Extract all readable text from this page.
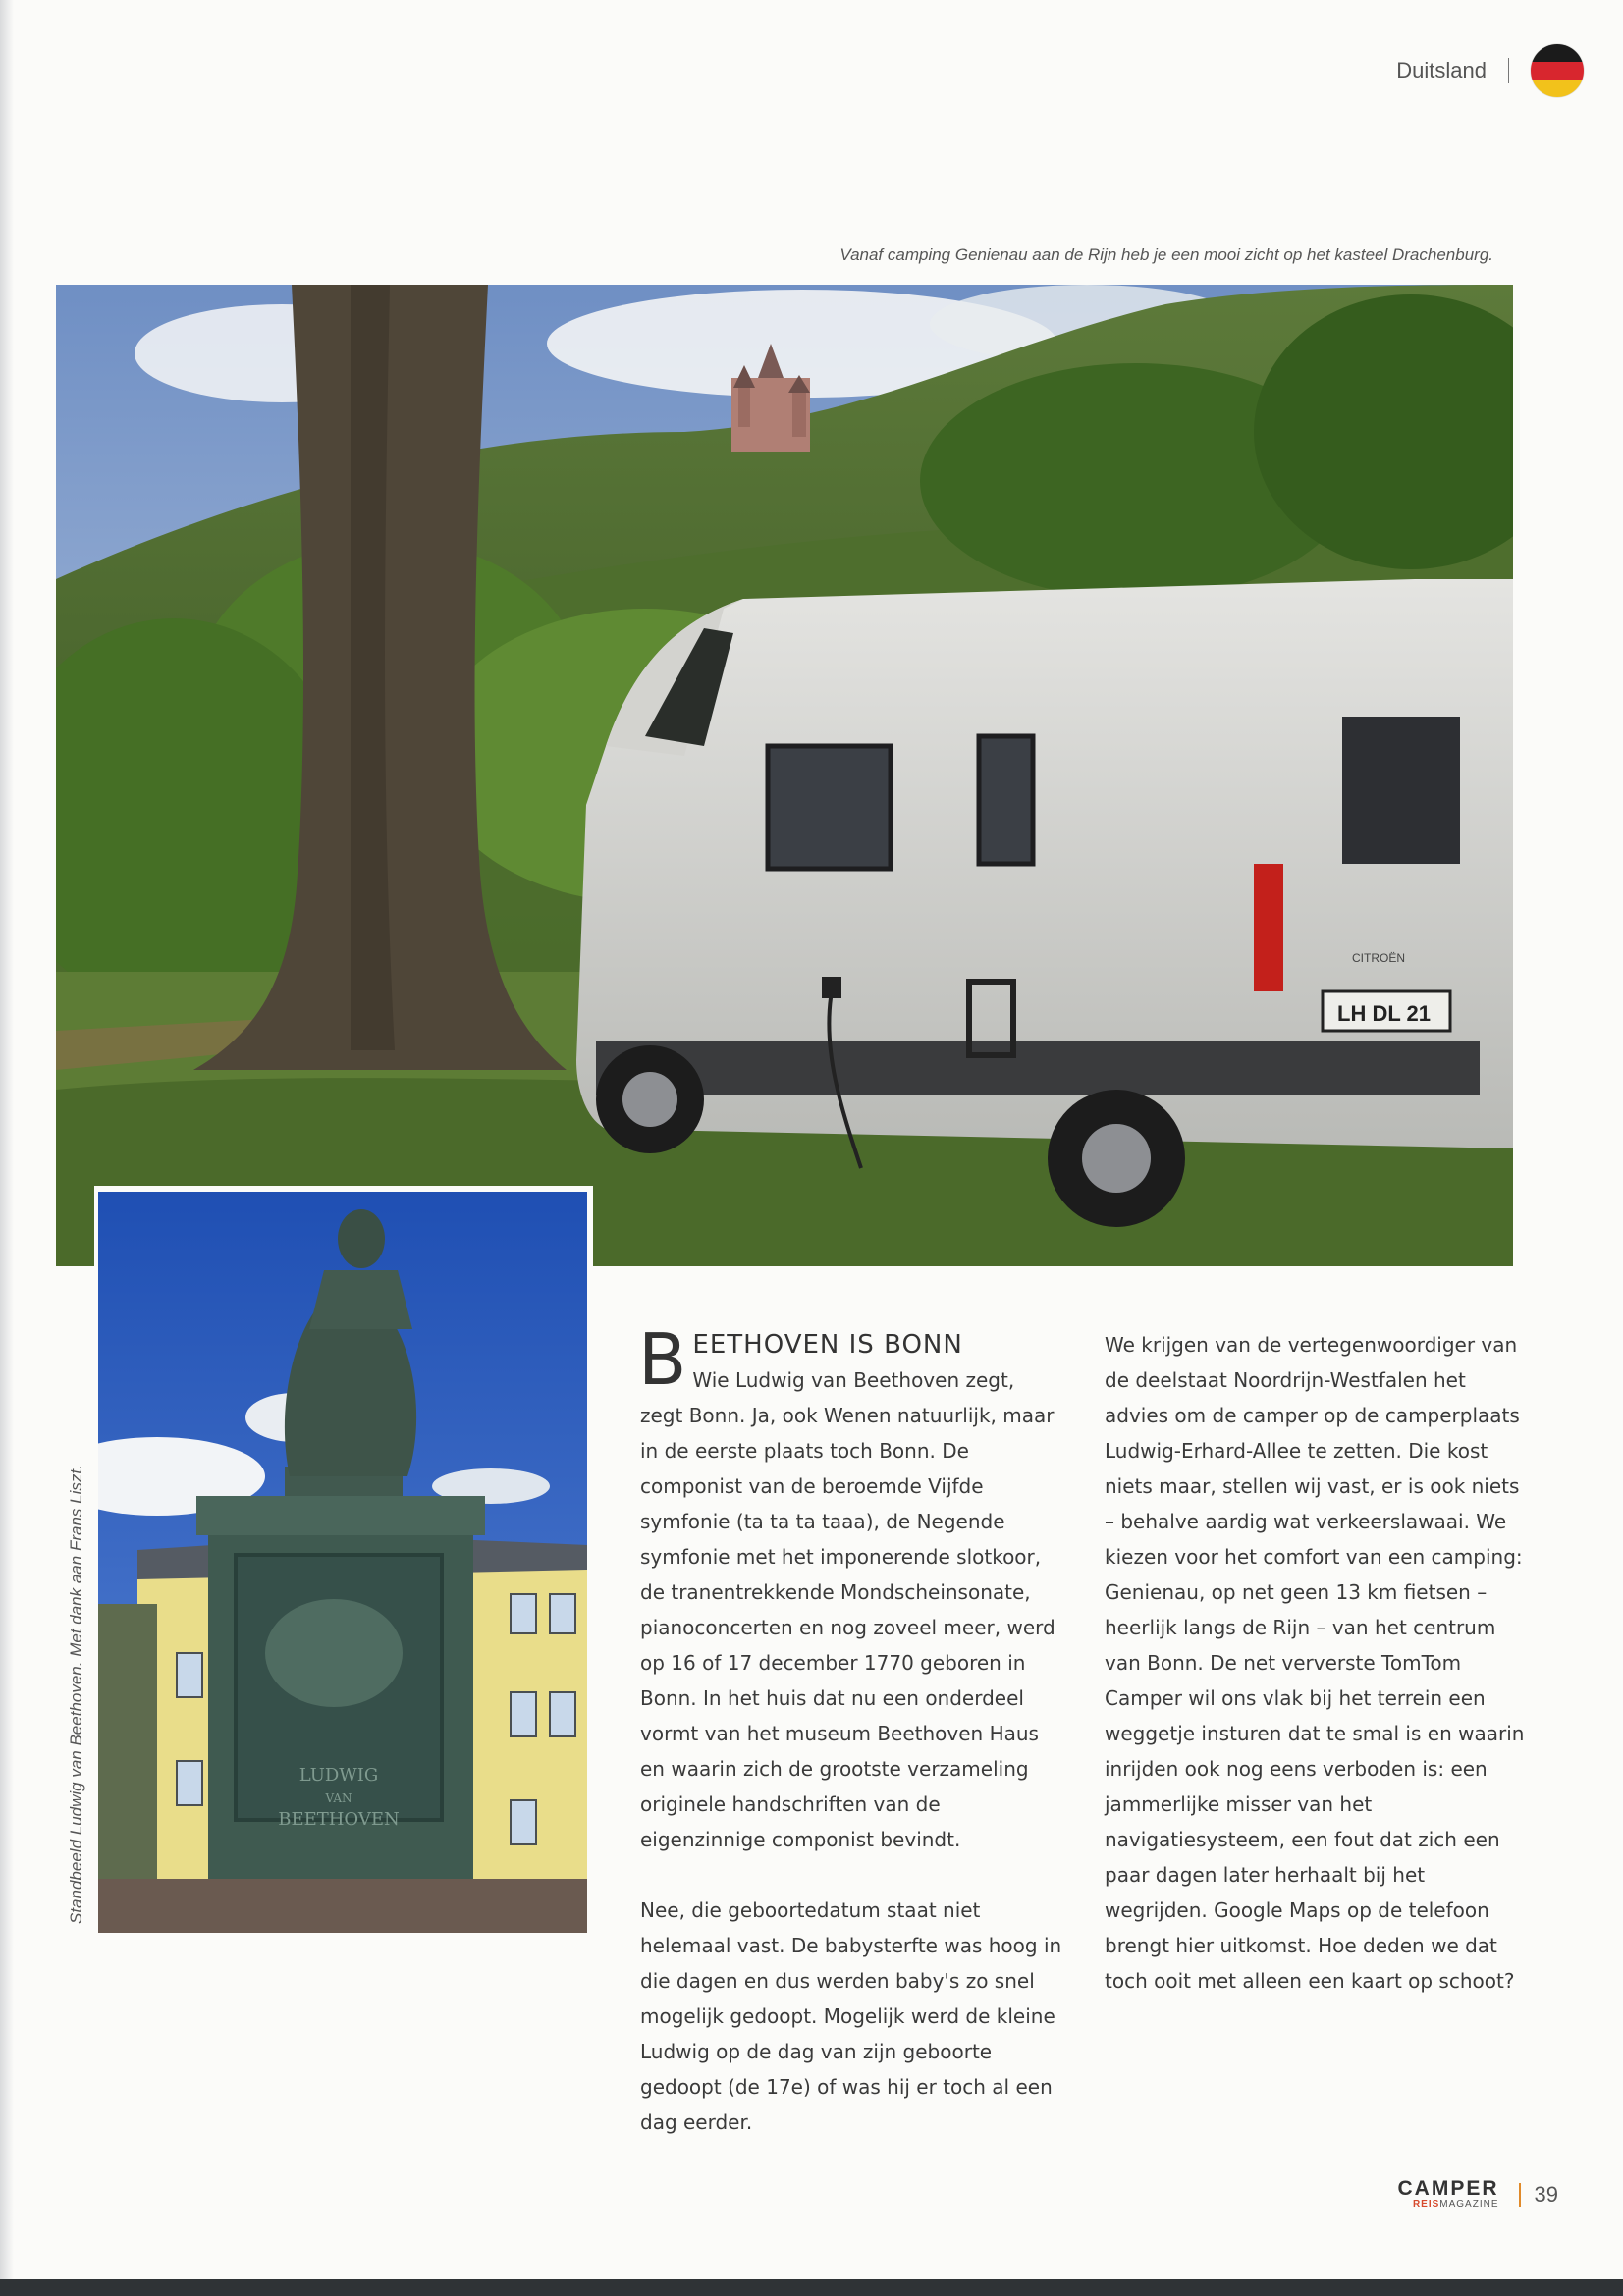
Duitsland
Vanaf camping Genienau aan de Rijn heb je een mooi zicht op het kasteel Drachenburg.
LH DL 21
CITROËN
LUDWIG
VAN
BEETHOVEN
Standbeeld Ludwig van Beethoven. Met dank aan Frans Liszt.

B EETHOVEN IS BONN
Wie Ludwig van Beethoven zegt, zegt Bonn. Ja, ook Wenen natuurlijk, maar in de eerste plaats toch Bonn. De componist van de beroemde Vijfde symfonie (ta ta ta taaa), de Negende symfonie met het imponerende slotkoor, de tranentrekkende Mondscheinsonate, pianoconcerten en nog zoveel meer, werd op 16 of 17 december 1770 geboren in Bonn. In het huis dat nu een onderdeel vormt van het museum Beethoven Haus en waarin zich de grootste verzameling originele handschriften van de eigenzinnige componist bevindt.

Nee, die geboortedatum staat niet helemaal vast. De babysterfte was hoog in die dagen en dus werden baby's zo snel mogelijk gedoopt. Mogelijk werd de kleine Ludwig op de dag van zijn geboorte gedoopt (de 17e) of was hij er toch al een dag eerder.

We krijgen van de vertegenwoordiger van de deelstaat Noordrijn-Westfalen het advies om de camper op de camperplaats Ludwig-Erhard-Allee te zetten. Die kost niets maar, stellen wij vast, er is ook niets – behalve aardig wat verkeerslawaai. We kiezen voor het comfort van een camping: Genienau, op net geen 13 km fietsen – heerlijk langs de Rijn – van het centrum van Bonn. De net ververste TomTom Camper wil ons vlak bij het terrein een weggetje insturen dat te smal is en waarin inrijden ook nog eens verboden is: een jammerlijke misser van het navigatiesysteem, een fout dat zich een paar dagen later herhaalt bij het wegrijden. Google Maps op de telefoon brengt hier uitkomst. Hoe deden we dat toch ooit met alleen een kaart op schoot?

CAMPER
REISMAGAZINE 39
